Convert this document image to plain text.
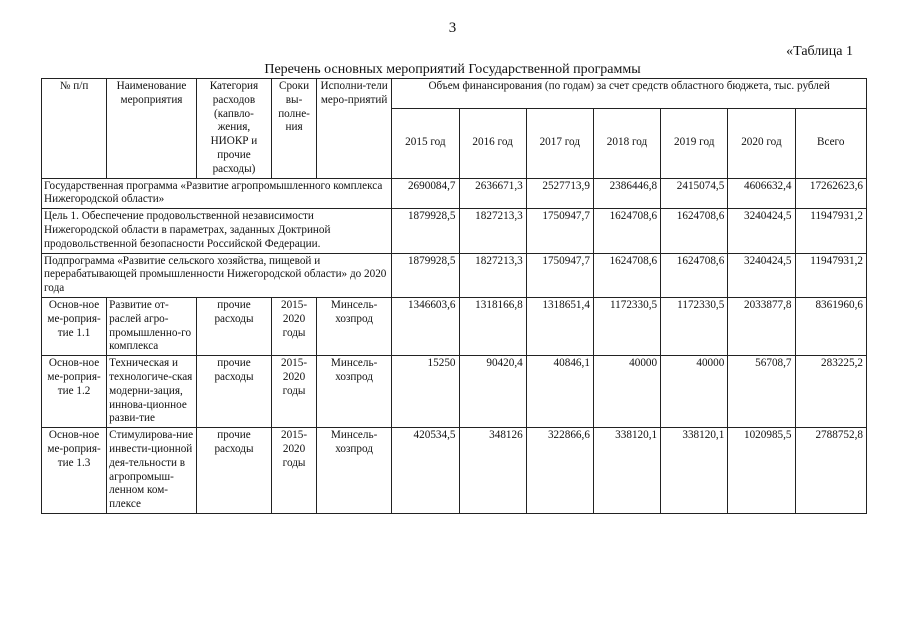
3
«Таблица 1
Перечень основных мероприятий Государственной программы
№ п/п	Наименование мероприятия	Категория расходов (капвло-жения, НИОКР и прочие расходы)	Сроки вы-полне-ния	Исполни-тели меро-приятий	Объем финансирования (по годам) за счет средств областного бюджета, тыс. рублей						
					2015 год	2016 год	2017 год	2018 год	2019 год	2020 год	Всего
Государственная программа «Развитие агропромышленного комплекса Нижегородской области»					2690084,7	2636671,3	2527713,9	2386446,8	2415074,5	4606632,4	17262623,6
Цель 1. Обеспечение продовольственной независимости Нижегородской области в параметрах, заданных Доктриной продовольственной безопасности Российской Федерации.					1879928,5	1827213,3	1750947,7	1624708,6	1624708,6	3240424,5	11947931,2
Подпрограмма «Развитие сельского хозяйства, пищевой и перерабатывающей промышленности Нижегородской области» до 2020 года					1879928,5	1827213,3	1750947,7	1624708,6	1624708,6	3240424,5	11947931,2
Основ-ное ме-роприя-тие 1.1	Развитие от-раслей агро-промышленно-го комплекса	прочие расходы	2015-2020 годы	Минсель-хозпрод	1346603,6	1318166,8	1318651,4	1172330,5	1172330,5	2033877,8	8361960,6
Основ-ное ме-роприя-тие 1.2	Техническая и технологиче-ская модерни-зация, иннова-ционное разви-тие	прочие расходы	2015-2020 годы	Минсель-хозпрод	15250	90420,4	40846,1	40000	40000	56708,7	283225,2
Основ-ное ме-роприя-тие 1.3	Стимулирова-ние инвести-ционной дея-тельности в агропромыш-ленном ком-плексе	прочие расходы	2015-2020 годы	Минсель-хозпрод	420534,5	348126	322866,6	338120,1	338120,1	1020985,5	2788752,8
